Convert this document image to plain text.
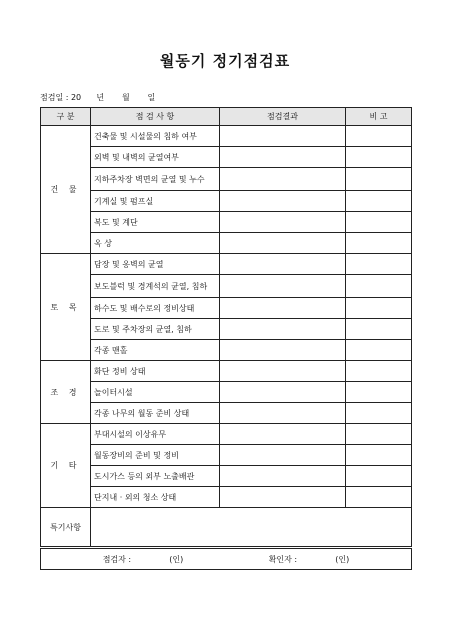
월동기 정기점검표
점검일 : 20 년 월 일
구 분	점 검 사 항	점검결과	비 고
건 물	건축물 및 시설물의 침하 여부		
	외벽 및 내벽의 균열여부		
	지하주차장 벽면의 균열 및 누수		
	기계실 및 펌프실		
	복도 및 계단		
	옥 상		
토 목	담장 및 옹벽의 균열		
	보도블럭 및 경계석의 균열, 침하		
	하수도 및 배수로의 정비상태		
	도로 및 주차장의 균열, 침하		
	각종 맨홀		
조 경	화단 정비 상태		
	놀이터시설		
	각종 나무의 월동 준비 상태		
기 타	부대시설의 이상유무		
	월동장비의 준비 및 정비		
	도시가스 등의 외부 노출배관		
	단지내 · 외의 청소 상태		
특기사항			

점검자 : (인) 확인자 : (인)			
